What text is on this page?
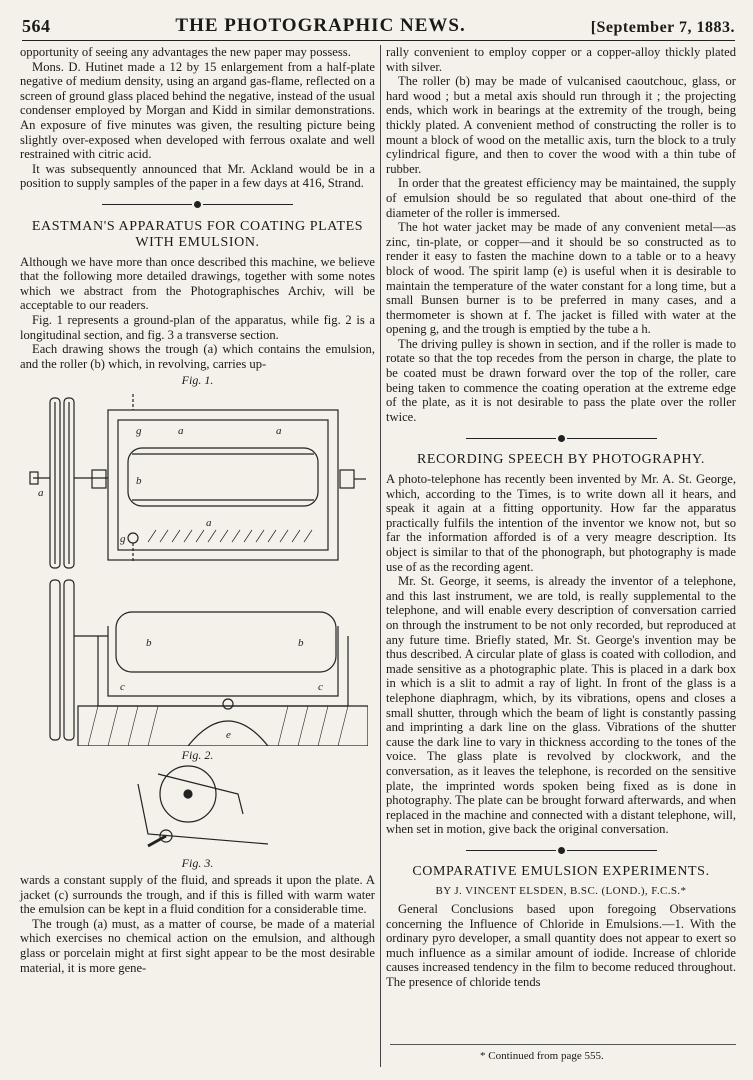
564	THE PHOTOGRAPHIC NEWS.	[September 7, 1883.

opportunity of seeing any advantages the new paper may possess.

Mons. D. Hutinet made a 12 by 15 enlargement from a half-plate negative of medium density, using an argand gas-flame, reflected on a screen of ground glass placed behind the negative, instead of the usual condenser employed by Morgan and Kidd in similar demonstrations. An exposure of five minutes was given, the resulting picture being slightly over-exposed when developed with ferrous oxalate and well restrained with citric acid.

It was subsequently announced that Mr. Ackland would be in a position to supply samples of the paper in a few days at 416, Strand.

EASTMAN'S APPARATUS FOR COATING PLATES WITH EMULSION.

Although we have more than once described this machine, we believe that the following more detailed drawings, together with some notes which we abstract from the Photographisches Archiv, will be acceptable to our readers.

Fig. 1 represents a ground-plan of the apparatus, while fig. 2 is a longitudinal section, and fig. 3 a transverse section.

Each drawing shows the trough (a) which contains the emulsion, and the roller (b) which, in revolving, carries up-

Fig. 1.
g	a	a
b
a
g
a
b	b
c	c
e
Fig. 2.
Fig. 3.

wards a constant supply of the fluid, and spreads it upon the plate. A jacket (c) surrounds the trough, and if this is filled with warm water the emulsion can be kept in a fluid condition for a considerable time.

The trough (a) must, as a matter of course, be made of a material which exercises no chemical action on the emulsion, and although glass or porcelain might at first sight appear to be the most desirable material, it is more gene-

rally convenient to employ copper or a copper-alloy thickly plated with silver.

The roller (b) may be made of vulcanised caoutchouc, glass, or hard wood ; but a metal axis should run through it ; the projecting ends, which work in bearings at the extremity of the trough, being thickly plated. A convenient method of constructing the roller is to mount a block of wood on the metallic axis, turn the block to a truly cylindrical figure, and then to cover the wood with a thin tube of rubber.

In order that the greatest efficiency may be maintained, the supply of emulsion should be so regulated that about one-third of the diameter of the roller is immersed.

The hot water jacket may be made of any convenient metal—as zinc, tin-plate, or copper—and it should be so constructed as to render it easy to fasten the machine down to a table or to a heavy block of wood. The spirit lamp (e) is useful when it is desirable to maintain the temperature of the water constant for a long time, but a small Bunsen burner is to be preferred in many cases, and a thermometer is shown at f. The jacket is filled with water at the opening g, and the trough is emptied by the tube a h.

The driving pulley is shown in section, and if the roller is made to rotate so that the top recedes from the person in charge, the plate to be coated must be drawn forward over the top of the roller, care being taken to commence the coating operation at the extreme edge of the plate, as it is not desirable to pass the plate over the roller twice.

RECORDING SPEECH BY PHOTOGRAPHY.

A photo-telephone has recently been invented by Mr. A. St. George, which, according to the Times, is to write down all it hears, and speak it again at a fitting opportunity. How far the apparatus practically fulfils the intention of the inventor we know not, but so far the information afforded is of a very meagre description. Its object is similar to that of the phonograph, but photography is made use of as the recording agent.

Mr. St. George, it seems, is already the inventor of a telephone, and this last instrument, we are told, is really supplemental to the telephone, and will enable every description of conversation carried on through the instrument to be not only recorded, but reproduced at any future time. Briefly stated, Mr. St. George's invention may be thus described. A circular plate of glass is coated with collodion, and made sensitive as a photographic plate. This is placed in a dark box in which is a slit to admit a ray of light. In front of the glass is a telephone diaphragm, which, by its vibrations, opens and closes a small shutter, through which the beam of light is constantly passing and imprinting a dark line on the glass. Vibrations of the shutter cause the dark line to vary in thickness according to the tones of the voice. The glass plate is revolved by clockwork, and the conversation, as it leaves the telephone, is recorded on the sensitive plate, the imprinted words spoken being fixed as is done in photography. The plate can be brought forward afterwards, and when replaced in the machine and connected with a distant telephone, will, when set in motion, give back the original conversation.

COMPARATIVE EMULSION EXPERIMENTS.
BY J. VINCENT ELSDEN, B.SC. (LOND.), F.C.S.*

General Conclusions based upon foregoing Observations concerning the Influence of Chloride in Emulsions.—1. With the ordinary pyro developer, a small quantity does not appear to exert so much influence as a similar amount of iodide. Increase of chloride causes increased tendency in the film to become reduced throughout. The presence of chloride tends

* Continued from page 555.
